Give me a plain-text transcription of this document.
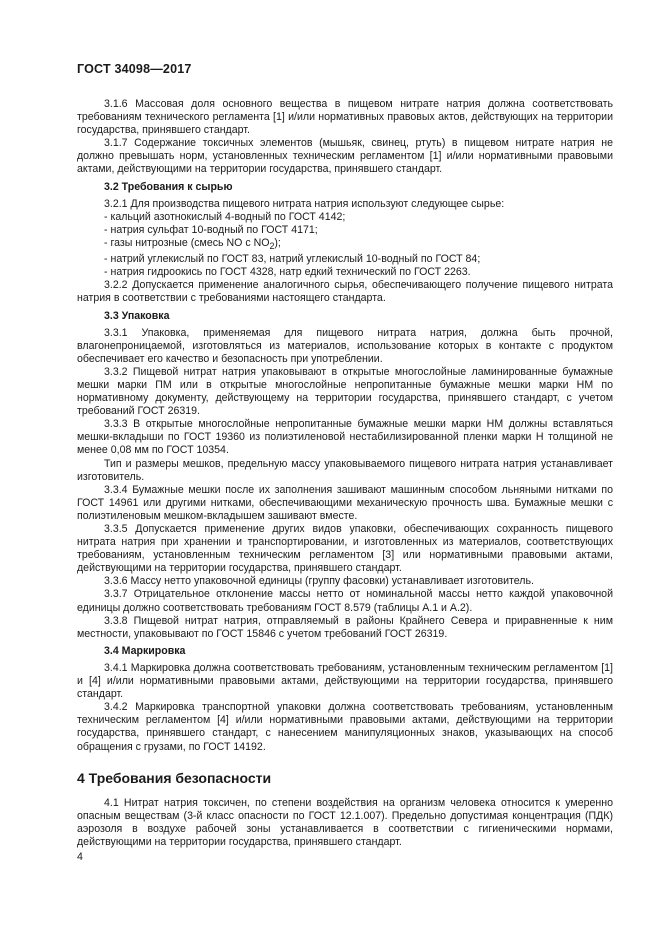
ГОСТ 34098—2017

3.1.6 Массовая доля основного вещества в пищевом нитрате натрия должна соответствовать требованиям технического регламента [1] и/или нормативных правовых актов, действующих на территории государства, принявшего стандарт.

3.1.7 Содержание токсичных элементов (мышьяк, свинец, ртуть) в пищевом нитрате натрия не должно превышать норм, установленных техническим регламентом [1] и/или нормативными правовыми актами, действующими на территории государства, принявшего стандарт.

3.2 Требования к сырью

3.2.1 Для производства пищевого нитрата натрия используют следующее сырье:

- кальций азотнокислый 4-водный по ГОСТ 4142;

- натрия сульфат 10-водный по ГОСТ 4171;

- газы нитрозные (смесь NO с $NO_2$);

- натрий углекислый по ГОСТ 83, натрий углекислый 10-водный по ГОСТ 84;

- натрия гидроокись по ГОСТ 4328, натр едкий технический по ГОСТ 2263.

3.2.2 Допускается применение аналогичного сырья, обеспечивающего получение пищевого нитрата натрия в соответствии с требованиями настоящего стандарта.

3.3 Упаковка

3.3.1 Упаковка, применяемая для пищевого нитрата натрия, должна быть прочной, влагонепроницаемой, изготовляться из материалов, использование которых в контакте с продуктом обеспечивает его качество и безопасность при употреблении.

3.3.2 Пищевой нитрат натрия упаковывают в открытые многослойные ламинированные бумажные мешки марки ПМ или в открытые многослойные непропитанные бумажные мешки марки НМ по нормативному документу, действующему на территории государства, принявшего стандарт, с учетом требований ГОСТ 26319.

3.3.3 В открытые многослойные непропитанные бумажные мешки марки НМ должны вставляться мешки-вкладыши по ГОСТ 19360 из полиэтиленовой нестабилизированной пленки марки Н толщиной не менее 0,08 мм по ГОСТ 10354.

Тип и размеры мешков, предельную массу упаковываемого пищевого нитрата натрия устанавливает изготовитель.

3.3.4 Бумажные мешки после их заполнения зашивают машинным способом льняными нитками по ГОСТ 14961 или другими нитками, обеспечивающими механическую прочность шва. Бумажные мешки с полиэтиленовым мешком-вкладышем зашивают вместе.

3.3.5 Допускается применение других видов упаковки, обеспечивающих сохранность пищевого нитрата натрия при хранении и транспортировании, и изготовленных из материалов, соответствующих требованиям, установленным техническим регламентом [3] или нормативными правовыми актами, действующими на территории государства, принявшего стандарт.

3.3.6 Массу нетто упаковочной единицы (группу фасовки) устанавливает изготовитель.

3.3.7 Отрицательное отклонение массы нетто от номинальной массы нетто каждой упаковочной единицы должно соответствовать требованиям ГОСТ 8.579 (таблицы А.1 и А.2).

3.3.8 Пищевой нитрат натрия, отправляемый в районы Крайнего Севера и приравненные к ним местности, упаковывают по ГОСТ 15846 с учетом требований ГОСТ 26319.

3.4 Маркировка

3.4.1 Маркировка должна соответствовать требованиям, установленным техническим регламентом [1] и [4] и/или нормативными правовыми актами, действующими на территории государства, принявшего стандарт.

3.4.2 Маркировка транспортной упаковки должна соответствовать требованиям, установленным техническим регламентом [4] и/или нормативными правовыми актами, действующими на территории государства, принявшего стандарт, с нанесением манипуляционных знаков, указывающих на способ обращения с грузами, по ГОСТ 14192.

4 Требования безопасности

4.1 Нитрат натрия токсичен, по степени воздействия на организм человека относится к умеренно опасным веществам (3-й класс опасности по ГОСТ 12.1.007). Предельно допустимая концентрация (ПДК) аэрозоля в воздухе рабочей зоны устанавливается в соответствии с гигиеническими нормами, действующими на территории государства, принявшего стандарт.

4
